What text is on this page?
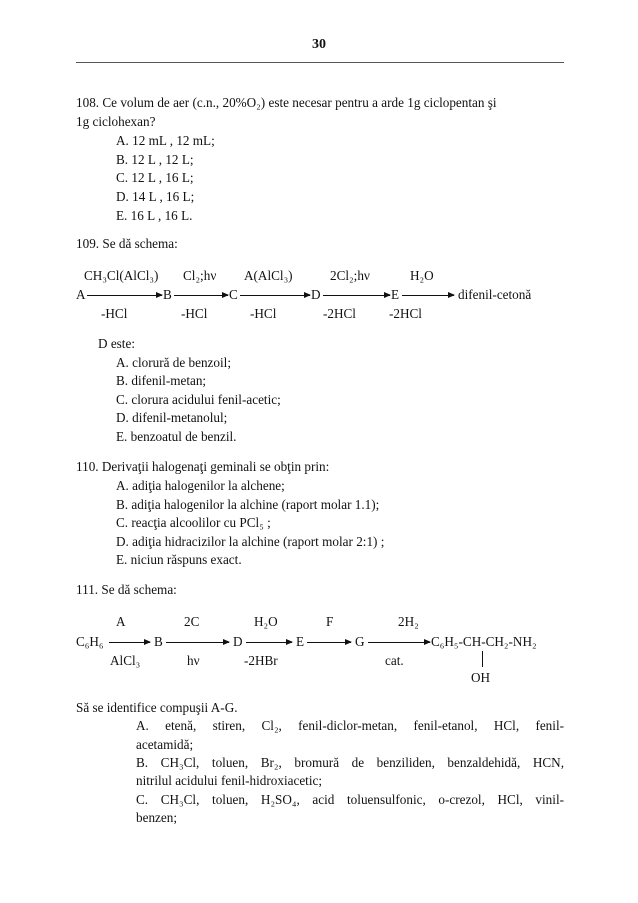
30
108. Ce volum de aer (c.n., 20%O₂) este necesar pentru a arde 1g ciclopentan şi
1g ciclohexan?
A. 12 mL , 12 mL;
B. 12 L , 12 L;
C. 12 L , 16 L;
D. 14 L , 16 L;
E. 16 L , 16 L.
109. Se dă schema:
CH₃Cl(AlCl₃) Cl₂;hν A(AlCl₃)	2Cl₂;hν	H₂O
A	B	C	D	E	difenil-cetonă
-HCl	-HCl	-HCl	-2HCl	-2HCl
D este:
A. clorură de benzoil;
B. difenil-metan;
C. clorura acidului fenil-acetic;
D. difenil-metanolul;
E. benzoatul de benzil.
110. Derivaţii halogenaţi geminali se obţin prin:
A. adiţia halogenilor la alchene;
B. adiţia halogenilor la alchine (raport molar 1.1);
C. reacţia alcoolilor cu PCl₅ ;
D. adiţia hidracizilor la alchine (raport molar 2:1) ;
E. niciun răspuns exact.
111. Se dă schema:
A	2C	H₂O	F	2H₂
C₆H₆	B	D	E	G	C₆H₅-CH-CH₂-NH₂
AlCl₃	hν	-2HBr	cat.
OH
Să se identifice compuşii A-G.
A. etenă, stiren, Cl₂, fenil-diclor-metan, fenil-etanol, HCl, fenil-
acetamidă;
B. CH₃Cl, toluen, Br₂, bromură de benziliden, benzaldehidă, HCN,
nitrilul acidului fenil-hidroxiacetic;
C. CH₃Cl, toluen, H₂SO₄, acid toluensulfonic, o-crezol, HCl, vinil-
benzen;
